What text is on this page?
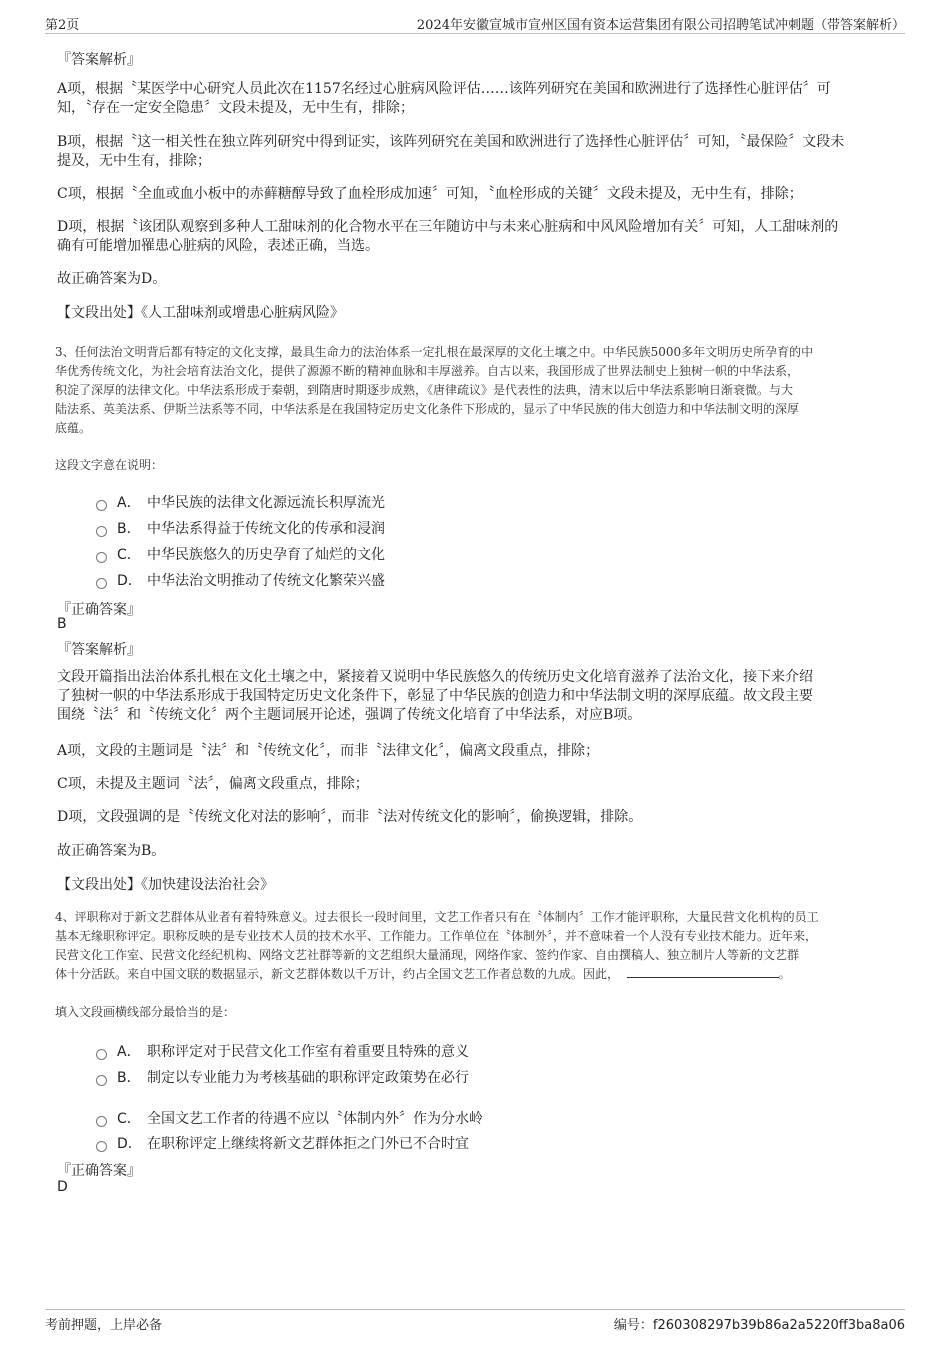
第2页	2024年安徽宣城市宣州区国有资本运营集团有限公司招聘笔试冲刺题（带答案解析）
『答案解析』
A项，根据〝某医学中心研究人员此次在1157名经过心脏病风险评估……该阵列研究在美国和欧洲进行了选择性心脏评估〞可
知，〝存在一定安全隐患〞文段未提及，无中生有，排除；
B项，根据〝这一相关性在独立阵列研究中得到证实，该阵列研究在美国和欧洲进行了选择性心脏评估〞可知，〝最保险〞文段未
提及，无中生有，排除；
C项，根据〝全血或血小板中的赤藓糖醇导致了血栓形成加速〞可知，〝血栓形成的关键〞文段未提及，无中生有，排除；
D项，根据〝该团队观察到多种人工甜味剂的化合物水平在三年随访中与未来心脏病和中风风险增加有关〞可知，人工甜味剂的
确有可能增加罹患心脏病的风险，表述正确，当选。
故正确答案为D。
【文段出处】《人工甜味剂或增患心脏病风险》
3、任何法治文明背后都有特定的文化支撑，最具生命力的法治体系一定扎根在最深厚的文化土壤之中。中华民族5000多年文明历史所孕育的中
华优秀传统文化，为社会培育法治文化，提供了源源不断的精神血脉和丰厚滋养。自古以来，我国形成了世界法制史上独树一帜的中华法系，
积淀了深厚的法律文化。中华法系形成于秦朝，到隋唐时期逐步成熟，《唐律疏议》是代表性的法典，清末以后中华法系影响日渐衰微。与大
陆法系、英美法系、伊斯兰法系等不同，中华法系是在我国特定历史文化条件下形成的，显示了中华民族的伟大创造力和中华法制文明的深厚
底蕴。
这段文字意在说明：
A． 中华民族的法律文化源远流长积厚流光
B． 中华法系得益于传统文化的传承和浸润
C． 中华民族悠久的历史孕育了灿烂的文化
D． 中华法治文明推动了传统文化繁荣兴盛
『正确答案』
B
『答案解析』
文段开篇指出法治体系扎根在文化土壤之中，紧接着又说明中华民族悠久的传统历史文化培育滋养了法治文化，接下来介绍
了独树一帜的中华法系形成于我国特定历史文化条件下，彰显了中华民族的创造力和中华法制文明的深厚底蕴。故文段主要
围绕〝法〞和〝传统文化〞两个主题词展开论述，强调了传统文化培育了中华法系，对应B项。
A项，文段的主题词是〝法〞和〝传统文化〞，而非〝法律文化〞，偏离文段重点，排除；
C项，未提及主题词〝法〞，偏离文段重点，排除；
D项，文段强调的是〝传统文化对法的影响〞，而非〝法对传统文化的影响〞，偷换逻辑，排除。
故正确答案为B。
【文段出处】《加快建设法治社会》
4、评职称对于新文艺群体从业者有着特殊意义。过去很长一段时间里，文艺工作者只有在〝体制内〞工作才能评职称，大量民营文化机构的员工
基本无缘职称评定。职称反映的是专业技术人员的技术水平、工作能力。工作单位在〝体制外〞，并不意味着一个人没有专业技术能力。近年来，
民营文化工作室、民营文化经纪机构、网络文艺社群等新的文艺组织大量涌现，网络作家、签约作家、自由撰稿人、独立制片人等新的文艺群
体十分活跃。来自中国文联的数据显示，新文艺群体数以千万计，约占全国文艺工作者总数的九成。因此，	。
填入文段画横线部分最恰当的是：
A． 职称评定对于民营文化工作室有着重要且特殊的意义
B． 制定以专业能力为考核基础的职称评定政策势在必行
C． 全国文艺工作者的待遇不应以〝体制内外〞作为分水岭
D． 在职称评定上继续将新文艺群体拒之门外已不合时宜
『正确答案』
D
考前押题，上岸必备	编号：f260308297b39b86a2a5220ff3ba8a06
